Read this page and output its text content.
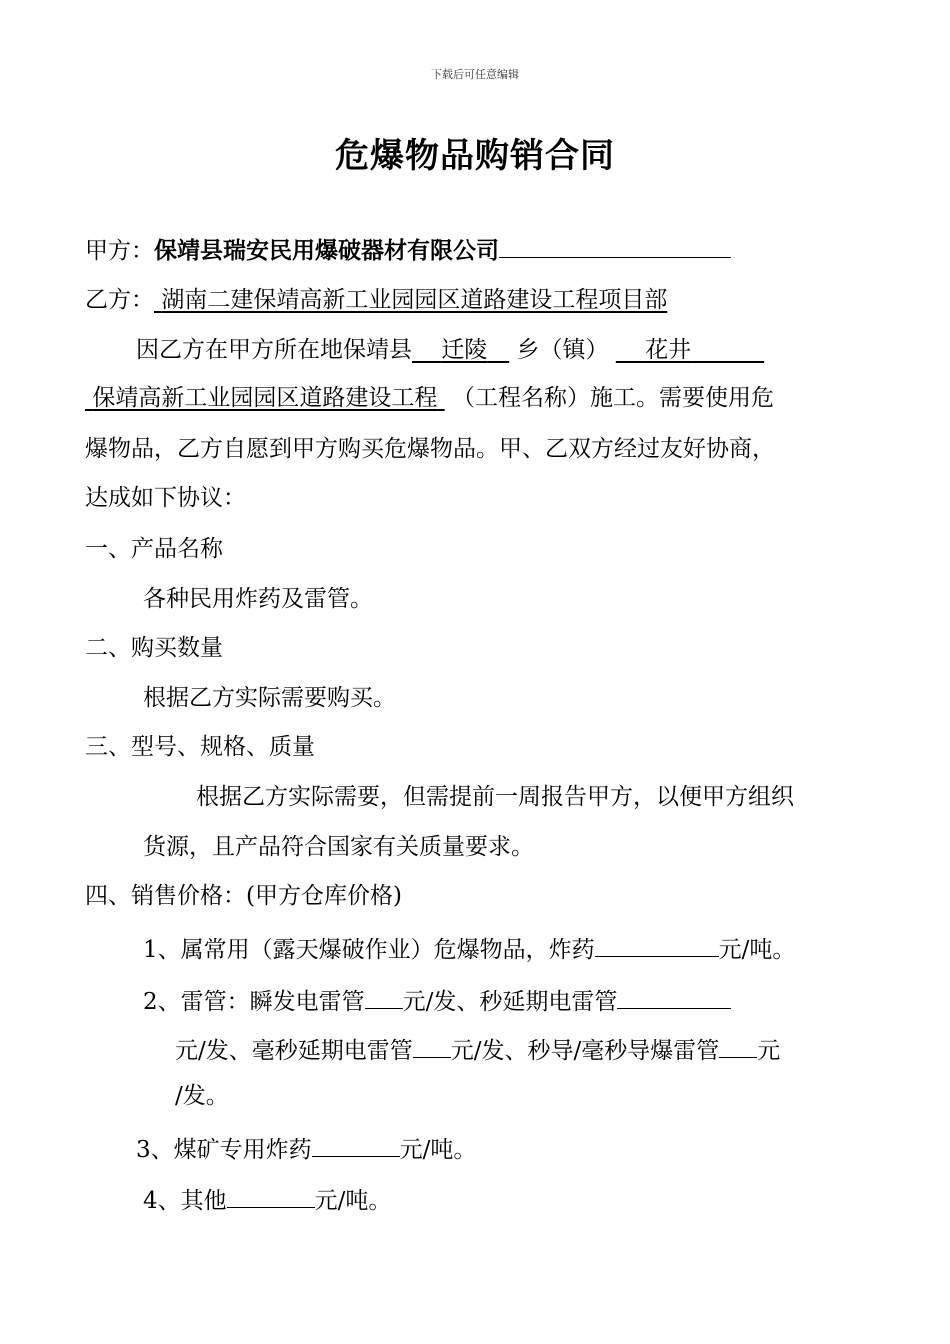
下载后可任意编辑
危爆物品购销合同
甲方：保靖县瑞安民用爆破器材有限公司
乙方： 湖南二建保靖高新工业园园区道路建设工程项目部
因乙方在甲方所在地保靖县 迁陵 乡（镇） 花井
保靖高新工业园园区道路建设工程 （工程名称）施工。需要使用危
爆物品，乙方自愿到甲方购买危爆物品。甲、乙双方经过友好协商，
达成如下协议：
一、产品名称
各种民用炸药及雷管。
二、购买数量
根据乙方实际需要购买。
三、型号、规格、质量
根据乙方实际需要，但需提前一周报告甲方，以便甲方组织
货源，且产品符合国家有关质量要求。
四、销售价格：(甲方仓库价格)
1、属常用（露天爆破作业）危爆物品，炸药	元/吨。
2、雷管：瞬发电雷管 元/发、秒延期电雷管
元/发、毫秒延期电雷管 元/发、秒导/毫秒导爆雷管 元
/发。
3、煤矿专用炸药	元/吨。
4、其他	元/吨。
